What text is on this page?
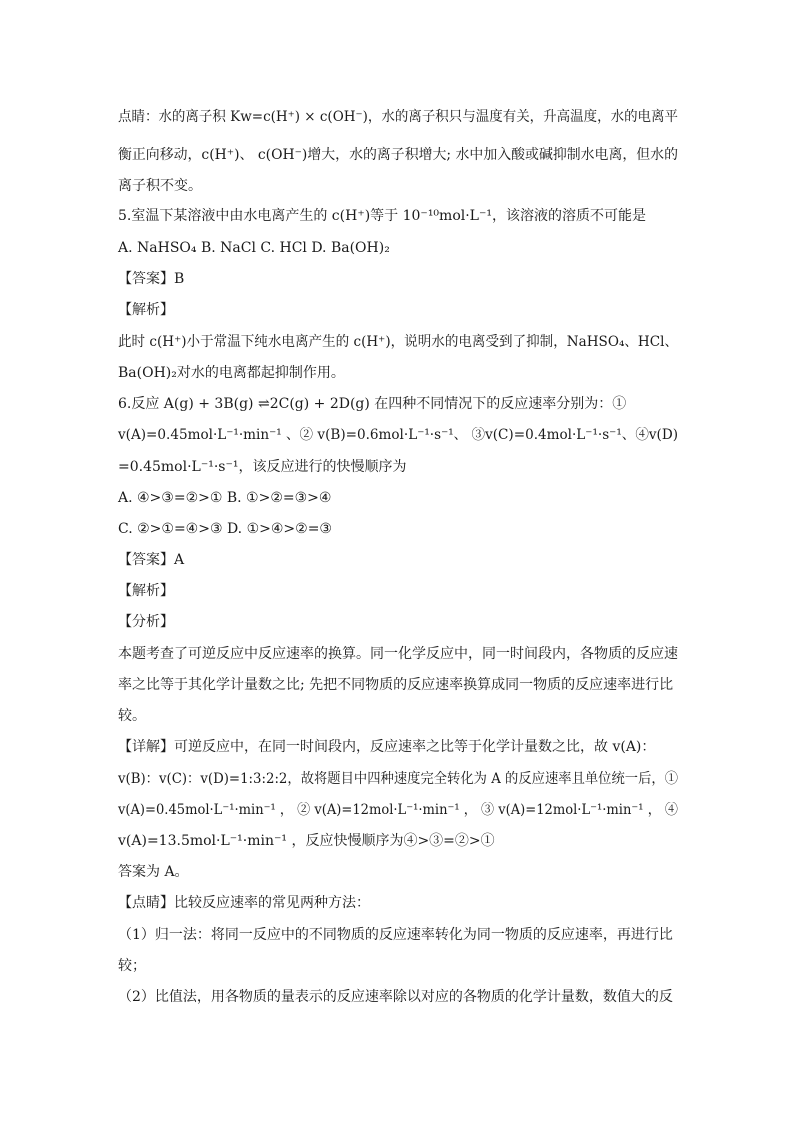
点睛：水的离子积 Kw=c(H⁺) × c(OH⁻)，水的离子积只与温度有关，升高温度，水的电离平
衡正向移动，c(H⁺)、 c(OH⁻)增大，水的离子积增大; 水中加入酸或碱抑制水电离，但水的
离子积不变。
5.室温下某溶液中由水电离产生的 c(H⁺)等于 10⁻¹⁰mol·L⁻¹，该溶液的溶质不可能是
A. NaHSO₄ B. NaCl C. HCl D. Ba(OH)₂
【答案】B
【解析】
此时 c(H⁺)小于常温下纯水电离产生的 c(H⁺)，说明水的电离受到了抑制，NaHSO₄、HCl、
Ba(OH)₂对水的电离都起抑制作用。
6.反应 A(g) + 3B(g) ⇌2C(g) + 2D(g) 在四种不同情况下的反应速率分别为：①
v(A)=0.45mol·L⁻¹·min⁻¹ 、② v(B)=0.6mol·L⁻¹·s⁻¹、 ③v(C)=0.4mol·L⁻¹·s⁻¹、④v(D)
=0.45mol·L⁻¹·s⁻¹，该反应进行的快慢顺序为
A. ④>③=②>① B. ①>②=③>④
C. ②>①=④>③ D. ①>④>②=③
【答案】A
【解析】
【分析】
本题考查了可逆反应中反应速率的换算。同一化学反应中，同一时间段内，各物质的反应速
率之比等于其化学计量数之比; 先把不同物质的反应速率换算成同一物质的反应速率进行比
较。
【详解】可逆反应中，在同一时间段内，反应速率之比等于化学计量数之比，故 v(A)：
v(B)：v(C)：v(D)=1:3:2:2，故将题目中四种速度完全转化为 A 的反应速率且单位统一后，①
v(A)=0.45mol·L⁻¹·min⁻¹ ， ② v(A)=12mol·L⁻¹·min⁻¹ ， ③ v(A)=12mol·L⁻¹·min⁻¹ ， ④
v(A)=13.5mol·L⁻¹·min⁻¹ ，反应快慢顺序为④>③=②>①
答案为 A。
【点睛】比较反应速率的常见两种方法：
（1）归一法：将同一反应中的不同物质的反应速率转化为同一物质的反应速率，再进行比
较；
（2）比值法，用各物质的量表示的反应速率除以对应的各物质的化学计量数，数值大的反
